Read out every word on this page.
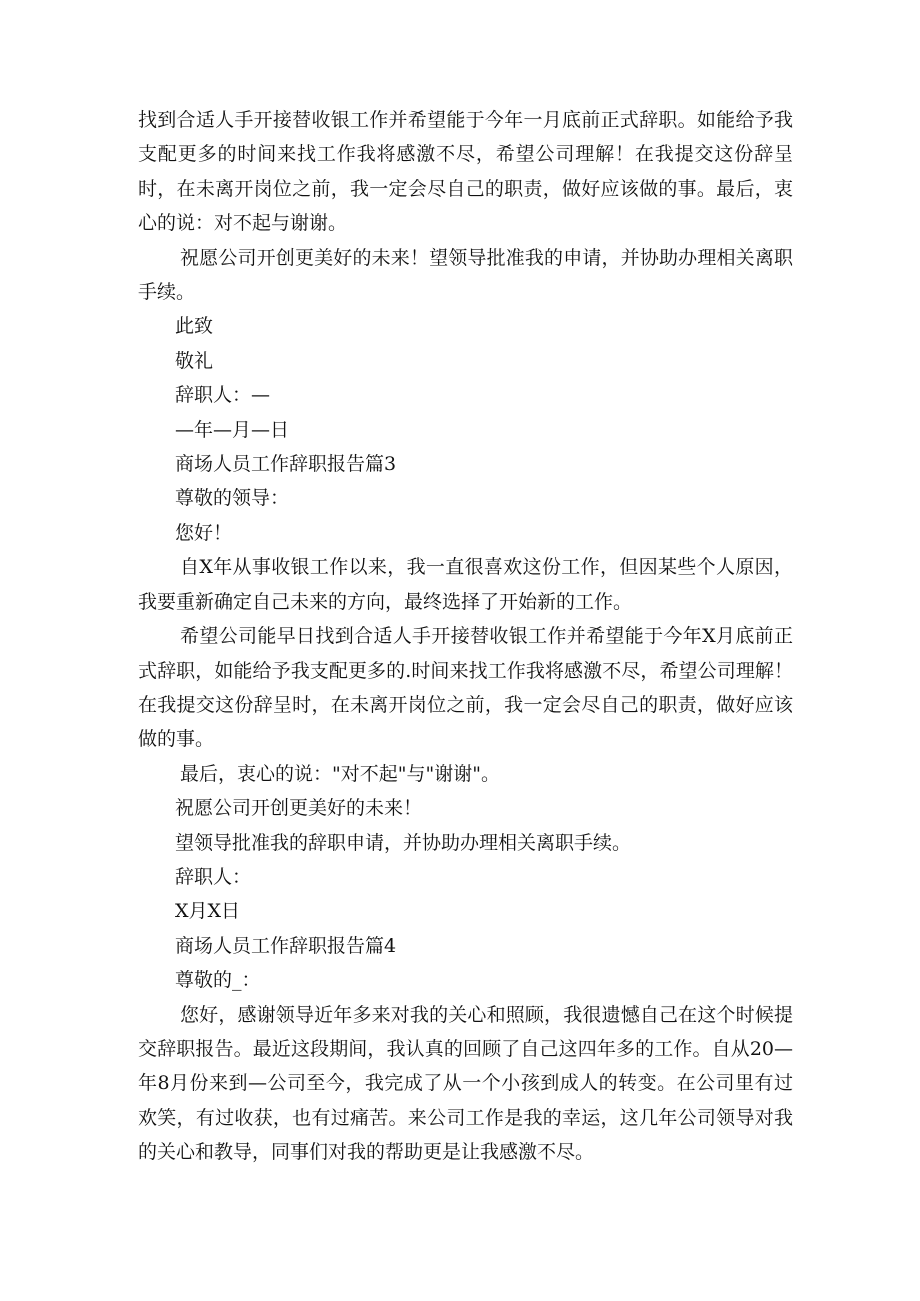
找到合适人手开接替收银工作并希望能于今年一月底前正式辞职。如能给予我支配更多的时间来找工作我将感激不尽，希望公司理解！在我提交这份辞呈时，在未离开岗位之前，我一定会尽自己的职责，做好应该做的事。最后，衷心的说：对不起与谢谢。

祝愿公司开创更美好的未来！望领导批准我的申请，并协助办理相关离职手续。

此致

敬礼

辞职人：—

—年—月—日

商场人员工作辞职报告篇3

尊敬的领导：

您好！

自X年从事收银工作以来，我一直很喜欢这份工作，但因某些个人原因，我要重新确定自己未来的方向，最终选择了开始新的工作。

希望公司能早日找到合适人手开接替收银工作并希望能于今年X月底前正式辞职，如能给予我支配更多的.时间来找工作我将感激不尽，希望公司理解！在我提交这份辞呈时，在未离开岗位之前，我一定会尽自己的职责，做好应该做的事。

最后，衷心的说："对不起"与"谢谢"。

祝愿公司开创更美好的未来！

望领导批准我的辞职申请，并协助办理相关离职手续。

辞职人：

X月X日

商场人员工作辞职报告篇4

尊敬的_：

您好，感谢领导近年多来对我的关心和照顾，我很遗憾自己在这个时候提交辞职报告。最近这段期间，我认真的回顾了自己这四年多的工作。自从20—年8月份来到—公司至今，我完成了从一个小孩到成人的转变。在公司里有过欢笑，有过收获，也有过痛苦。来公司工作是我的幸运，这几年公司领导对我的关心和教导，同事们对我的帮助更是让我感激不尽。
